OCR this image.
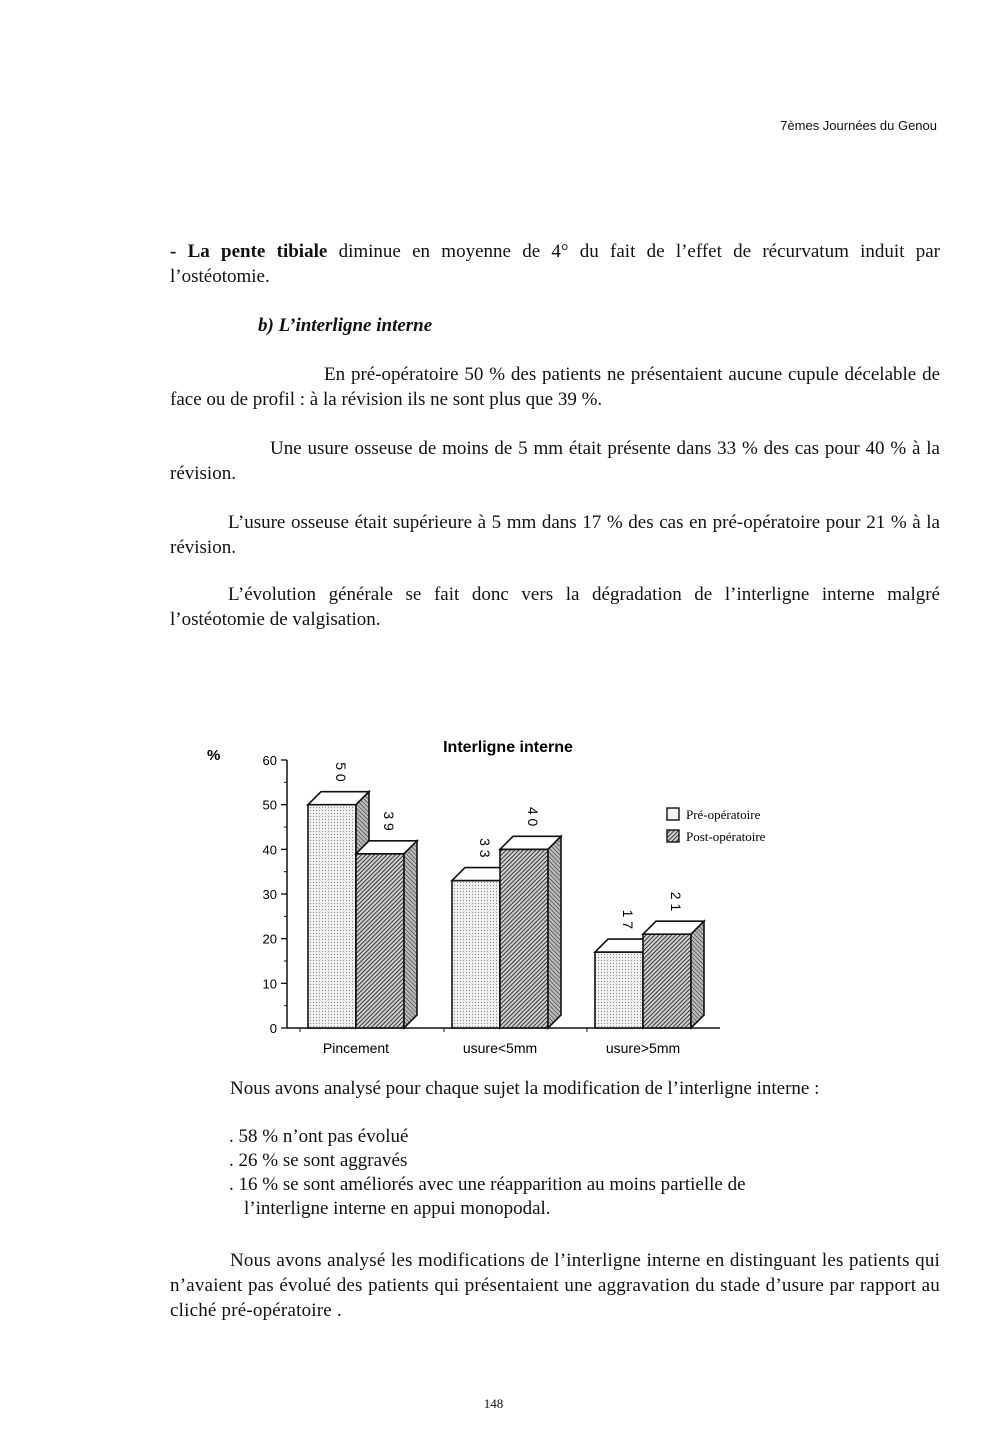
7èmes Journées du Genou
- La pente tibiale diminue en moyenne de 4° du fait de l’effet de récurvatum induit par l’ostéotomie.
b) L’interligne interne
En pré-opératoire 50 % des patients ne présentaient aucune cupule décelable de face ou de profil : à la révision ils ne sont plus que 39 %.
Une usure osseuse de moins de 5 mm était présente dans 33 % des cas pour 40 % à la révision.
L’usure osseuse était supérieure à 5 mm dans 17 % des cas en pré-opératoire pour 21 % à la révision.
L’évolution générale se fait donc vers la dégradation de l’interligne interne malgré l’ostéotomie de valgisation.
0
10
20
30
40
50
60
5 0
3 9
Pincement
3 3
4 0
usure<5mm
1 7
2 1
usure>5mm
Pré-opératoire
Post-opératoire
Interligne interne
%
Nous avons analysé pour chaque sujet la modification de l’interligne interne :
. 58 % n’ont pas évolué
. 26 % se sont aggravés
. 16 % se sont améliorés avec une réapparition au moins partielle de
l’interligne interne en appui monopodal.
Nous avons analysé les modifications de l’interligne interne en distinguant les patients qui n’avaient pas évolué des patients qui présentaient une aggravation du stade d’usure par rapport au cliché pré-opératoire .
148
